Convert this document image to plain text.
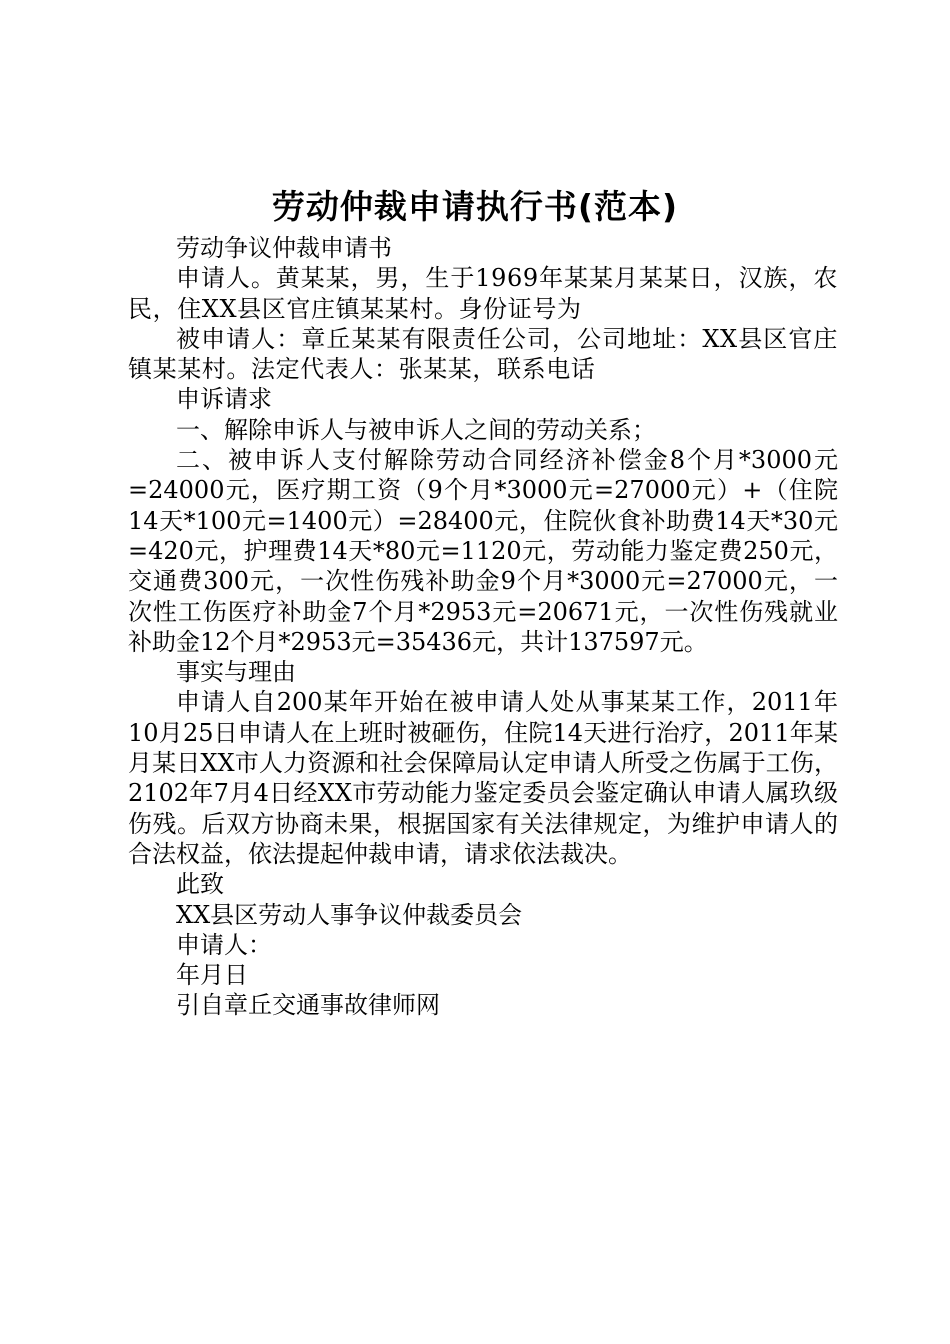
劳动仲裁申请执行书(范本)

劳动争议仲裁申请书

申请人。黄某某，男，生于1969年某某月某某日，汉族，农民，住XX县区官庄镇某某村。身份证号为

被申请人：章丘某某有限责任公司，公司地址：XX县区官庄镇某某村。法定代表人：张某某，联系电话

申诉请求

一、解除申诉人与被申诉人之间的劳动关系；

二、被申诉人支付解除劳动合同经济补偿金8个月*3000元=24000元，医疗期工资（9个月*3000元=27000元）+（住院14天*100元=1400元）=28400元，住院伙食补助费14天*30元=420元，护理费14天*80元=1120元，劳动能力鉴定费250元，交通费300元，一次性伤残补助金9个月*3000元=27000元，一次性工伤医疗补助金7个月*2953元=20671元，一次性伤残就业补助金12个月*2953元=35436元，共计137597元。

事实与理由

申请人自200某年开始在被申请人处从事某某工作，2011年10月25日申请人在上班时被砸伤，住院14天进行治疗，2011年某月某日XX市人力资源和社会保障局认定申请人所受之伤属于工伤，2102年7月4日经XX市劳动能力鉴定委员会鉴定确认申请人属玖级伤残。后双方协商未果，根据国家有关法律规定，为维护申请人的合法权益，依法提起仲裁申请，请求依法裁决。

此致

XX县区劳动人事争议仲裁委员会

申请人：

年月日

引自章丘交通事故律师网
